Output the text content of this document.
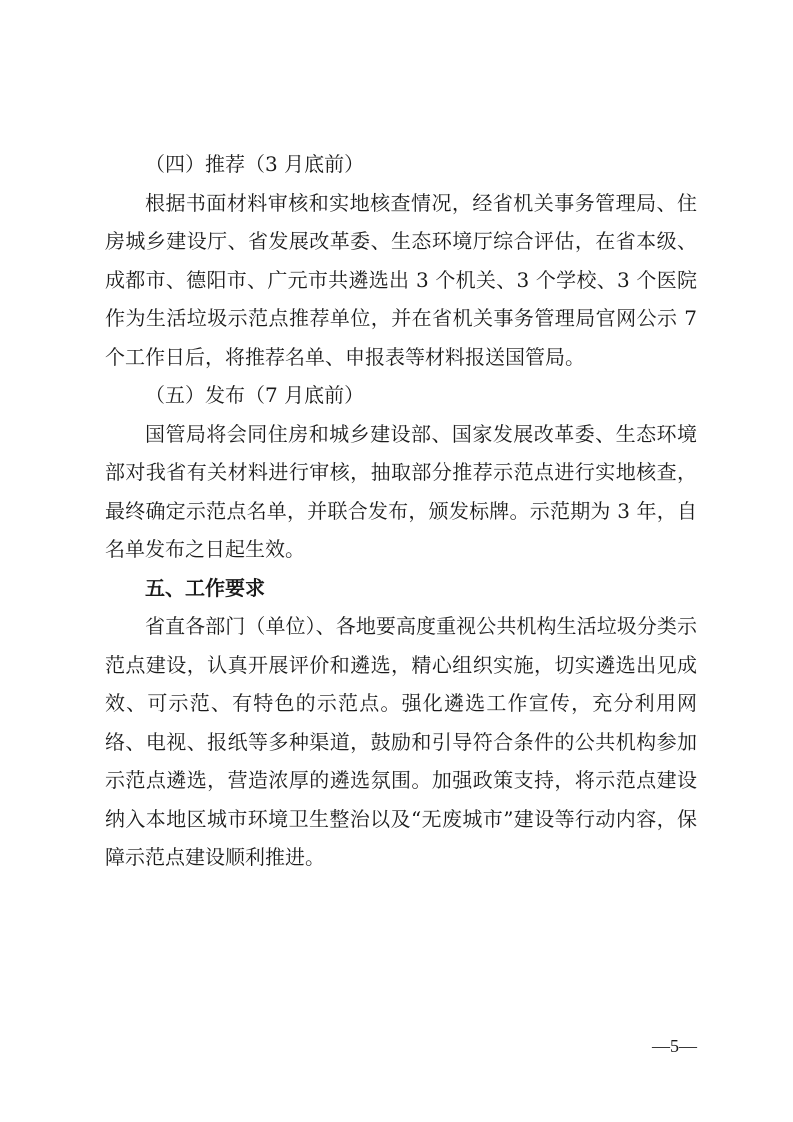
（四）推荐（3 月底前）

根据书面材料审核和实地核查情况，经省机关事务管理局、住房城乡建设厅、省发展改革委、生态环境厅综合评估，在省本级、成都市、德阳市、广元市共遴选出 3 个机关、3 个学校、3 个医院作为生活垃圾示范点推荐单位，并在省机关事务管理局官网公示 7 个工作日后，将推荐名单、申报表等材料报送国管局。

（五）发布（7 月底前）

国管局将会同住房和城乡建设部、国家发展改革委、生态环境部对我省有关材料进行审核，抽取部分推荐示范点进行实地核查，最终确定示范点名单，并联合发布，颁发标牌。示范期为 3 年，自名单发布之日起生效。

五、工作要求

省直各部门（单位）、各地要高度重视公共机构生活垃圾分类示范点建设，认真开展评价和遴选，精心组织实施，切实遴选出见成效、可示范、有特色的示范点。强化遴选工作宣传，充分利用网络、电视、报纸等多种渠道，鼓励和引导符合条件的公共机构参加示范点遴选，营造浓厚的遴选氛围。加强政策支持，将示范点建设纳入本地区城市环境卫生整治以及“无废城市”建设等行动内容，保障示范点建设顺利推进。

—5—
